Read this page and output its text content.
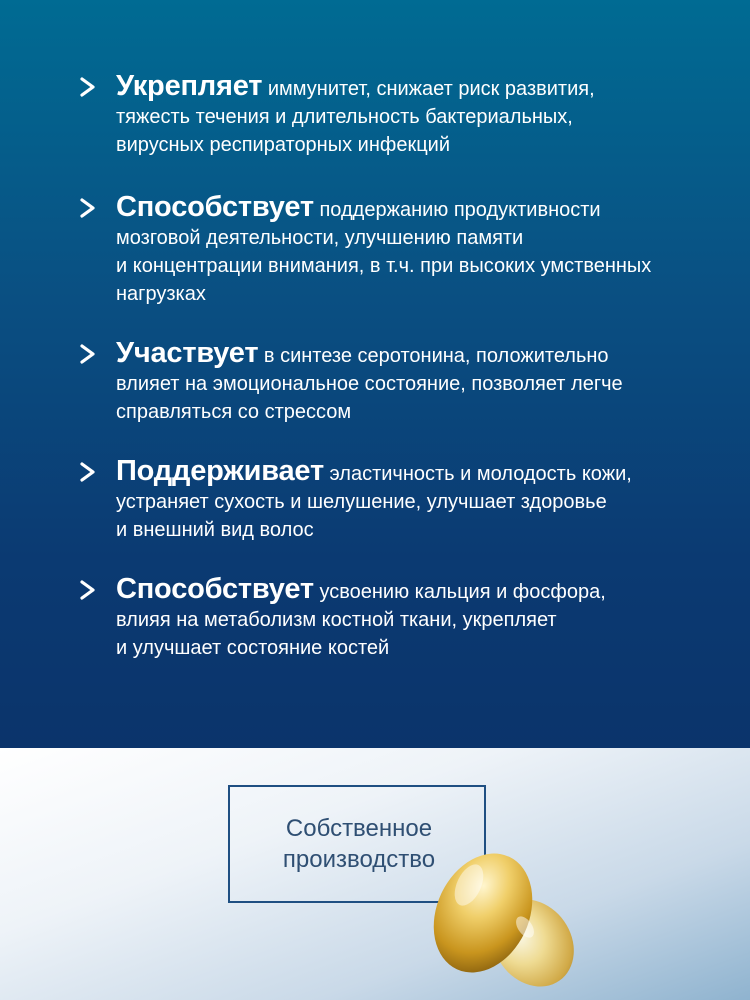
Укрепляет иммунитет, снижает риск развития,
тяжесть течения и длительность бактериальных,
вирусных респираторных инфекций
Способствует поддержанию продуктивности
мозговой деятельности, улучшению памяти
и концентрации внимания, в т.ч. при высоких умственных
нагрузках
Участвует в синтезе серотонина, положительно
влияет на эмоциональное состояние, позволяет легче
справляться со стрессом
Поддерживает эластичность и молодость кожи,
устраняет сухость и шелушение, улучшает здоровье
и внешний вид волос
Способствует усвоению кальция и фосфора,
влияя на метаболизм костной ткани, укрепляет
и улучшает состояние костей
Собственное
производство
